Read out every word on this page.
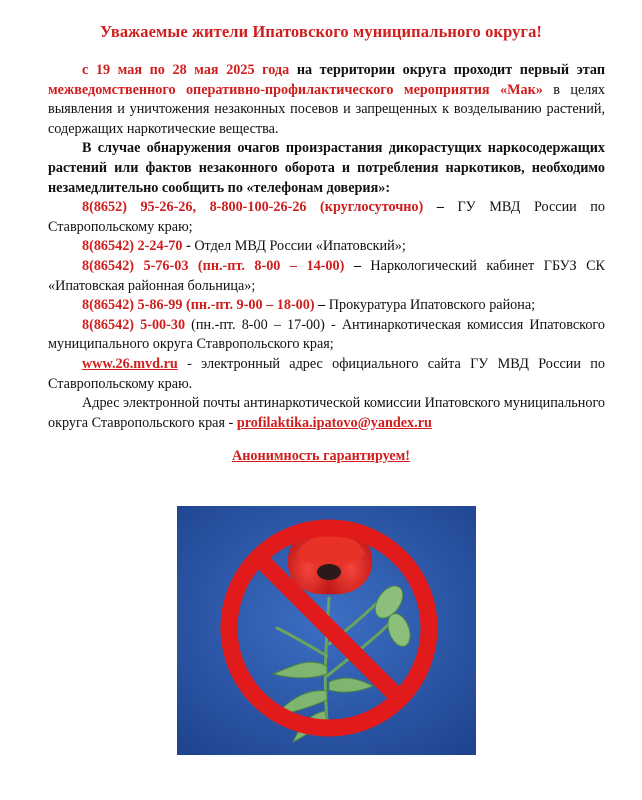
Уважаемые жители Ипатовского муниципального округа!

с 19 мая по 28 мая 2025 года на территории округа проходит первый этап межведомственного оперативно-профилактического мероприятия «Мак» в целях выявления и уничтожения незаконных посевов и запрещенных к возделыванию растений, содержащих наркотические вещества.

В случае обнаружения очагов произрастания дикорастущих наркосодержащих растений или фактов незаконного оборота и потребления наркотиков, необходимо незамедлительно сообщить по «телефонам доверия»:

8(8652) 95-26-26, 8-800-100-26-26 (круглосуточно) – ГУ МВД России по Ставропольскому краю;

8(86542) 2-24-70 - Отдел МВД России «Ипатовский»;

8(86542) 5-76-03 (пн.-пт. 8-00 – 14-00) – Наркологический кабинет ГБУЗ СК «Ипатовская районная больница»;

8(86542) 5-86-99 (пн.-пт. 9-00 – 18-00) – Прокуратура Ипатовского района;

8(86542) 5-00-30 (пн.-пт. 8-00 – 17-00) - Антинаркотическая комиссия Ипатовского муниципального округа Ставропольского края;

www.26.mvd.ru - электронный адрес официального сайта ГУ МВД России по Ставропольскому краю.

Адрес электронной почты антинаркотической комиссии Ипатовского муниципального округа Ставропольского края - profilaktika.ipatovo@yandex.ru

Анонимность гарантируем!
